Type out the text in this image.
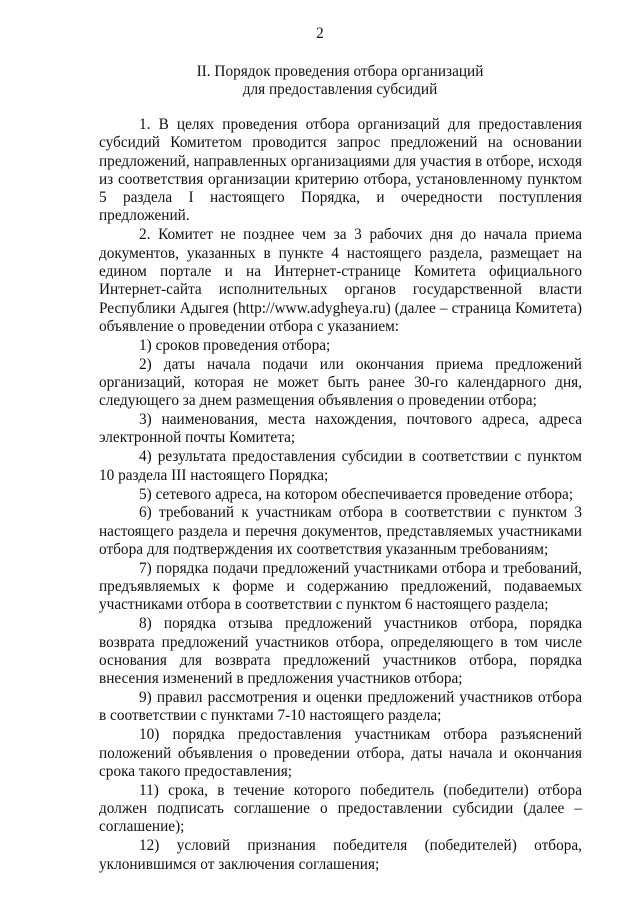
2
II. Порядок проведения отбора организаций
для предоставления субсидий

1. В целях проведения отбора организаций для предоставления субсидий Комитетом проводится запрос предложений на основании предложений, направленных организациями для участия в отборе, исходя из соответствия организации критерию отбора, установленному пунктом 5 раздела I настоящего Порядка, и очередности поступления предложений.

2. Комитет не позднее чем за 3 рабочих дня до начала приема документов, указанных в пункте 4 настоящего раздела, размещает на едином портале и на Интернет-странице Комитета официального Интернет-сайта исполнительных органов государственной власти Республики Адыгея (http://www.adygheya.ru) (далее – страница Комитета) объявление о проведении отбора с указанием:

1) сроков проведения отбора;

2) даты начала подачи или окончания приема предложений организаций, которая не может быть ранее 30-го календарного дня, следующего за днем размещения объявления о проведении отбора;

3) наименования, места нахождения, почтового адреса, адреса электронной почты Комитета;

4) результата предоставления субсидии в соответствии с пунктом 10 раздела III настоящего Порядка;

5) сетевого адреса, на котором обеспечивается проведение отбора;

6) требований к участникам отбора в соответствии с пунктом 3 настоящего раздела и перечня документов, представляемых участниками отбора для подтверждения их соответствия указанным требованиям;

7) порядка подачи предложений участниками отбора и требований, предъявляемых к форме и содержанию предложений, подаваемых участниками отбора в соответствии с пунктом 6 настоящего раздела;

8) порядка отзыва предложений участников отбора, порядка возврата предложений участников отбора, определяющего в том числе основания для возврата предложений участников отбора, порядка внесения изменений в предложения участников отбора;

9) правил рассмотрения и оценки предложений участников отбора в соответствии с пунктами 7-10 настоящего раздела;

10) порядка предоставления участникам отбора разъяснений положений объявления о проведении отбора, даты начала и окончания срока такого предоставления;

11) срока, в течение которого победитель (победители) отбора должен подписать соглашение о предоставлении субсидии (далее – соглашение);

12) условий признания победителя (победителей) отбора, уклонившимся от заключения соглашения;
